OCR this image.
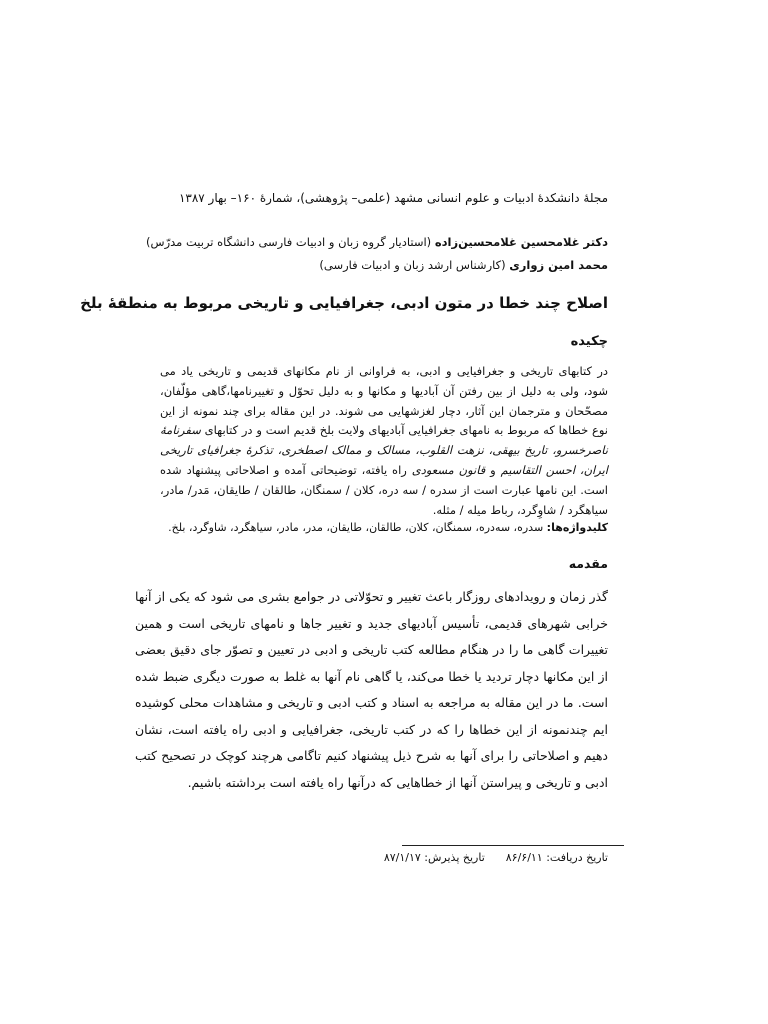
مجلهٔ دانشکدهٔ ادبیات و علوم انسانی مشهد (علمی– پژوهشی)، شمارهٔ ۱۶۰– بهار ۱۳۸۷
دکتر غلامحسین غلامحسین‌زاده (استادیار گروه زبان و ادبیات فارسی دانشگاه تربیت مدرّس)
محمد امین زواری (کارشناس ارشد زبان و ادبیات فارسی)
اصلاح چند خطا در متون ادبی، جغرافیایی و تاریخی مربوط به منطقهٔ بلخ
چکیده
در کتابهای تاریخی و جغرافیایی و ادبی، به فراوانی از نام مکانهای قدیمی و تاریخی یاد می شود، ولی به دلیل از بین رفتن آن آبادیها و مکانها و به دلیل تحوّل و تغییرنامها،گاهی مؤلّفان، مصحّحان و مترجمان این آثار، دچار لغزشهایی می شوند. در این مقاله برای چند نمونه از این نوع خطاها که مربوط به نامهای جغرافیایی آبادیهای ولایت بلخ قدیم است و در کتابهای سفرنامهٔ ناصرخسرو، تاریخ بیهقی، نزهت القلوب، مسالک و ممالک اصطخری، تذکرهٔ جغرافیای تاریخی ایران، احسن التقاسیم و قانون مسعودی راه یافته، توضیحاتی آمده و اصلاحاتی پیشنهاد شده است. این نامها عبارت است از سدره / سه دره، کلان / سمنگان، طالقان / طایقان، مَدر/ مادر، سیاهگرد / شاوِگرد، رباط میله / مثله.
کلیدواژه‌ها: سدره، سه‌دره، سمنگان، کلان، طالقان، طایقان، مدر، مادر، سیاهگرد، شاوگرد، بلخ.
مقدمه
گذر زمان و رویدادهای روزگار باعث تغییر و تحوّلاتی در جوامع بشری می شود که یکی از آنها خرابی شهرهای قدیمی، تأسیس آبادیهای جدید و تغییر جاها و نامهای تاریخی است و همین تغییرات گاهی ما را در هنگام مطالعه کتب تاریخی و ادبی در تعیین و تصوّر جای دقیق بعضی از این مکانها دچار تردید یا خطا می‌کند، یا گاهی نام آنها به غلط به صورت دیگری ضبط شده است. ما در این مقاله به مراجعه به اسناد و کتب ادبی و تاریخی و مشاهدات محلی کوشیده ایم چندنمونه از این خطاها را که در کتب تاریخی، جغرافیایی و ادبی راه یافته است، نشان دهیم و اصلاحاتی را برای آنها به شرح ذیل پیشنهاد کنیم تاگامی هرچند کوچک در تصحیح کتب ادبی و تاریخی و پیراستن آنها از خطاهایی که درآنها راه یافته است برداشته باشیم.
تاریخ دریافت: ۸۶/۶/۱۱  تاریخ پذیرش: ۸۷/۱/۱۷
